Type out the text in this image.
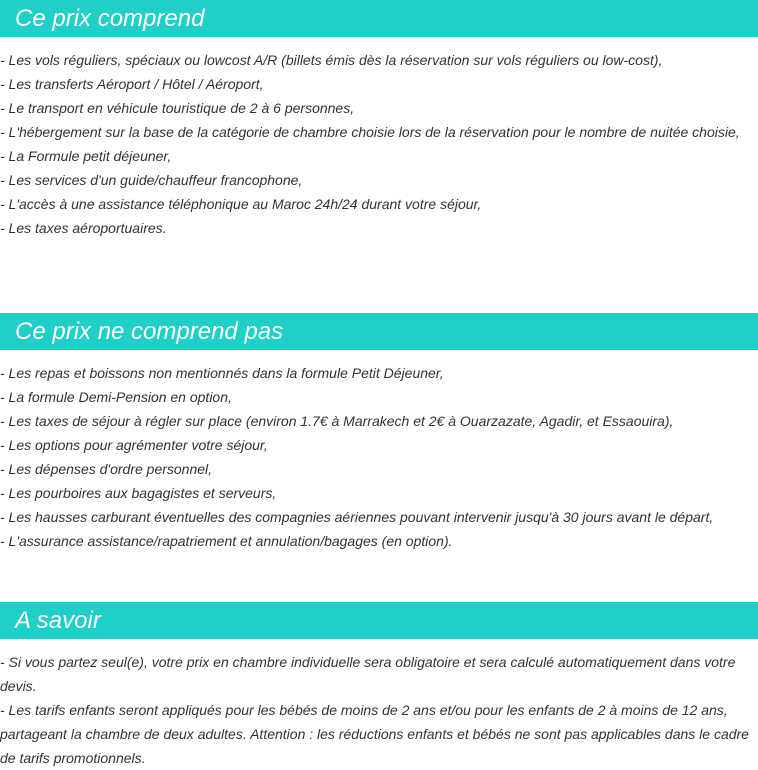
Ce prix comprend
- Les vols réguliers, spéciaux ou lowcost A/R (billets émis dès la réservation sur vols réguliers ou low-cost),
- Les transferts Aéroport / Hôtel / Aéroport,
- Le transport en véhicule touristique de 2 à 6 personnes,
- L'hébergement sur la base de la catégorie de chambre choisie lors de la réservation pour le nombre de nuitée choisie,
- La Formule petit déjeuner,
- Les services d'un guide/chauffeur francophone,
- L'accès à une assistance téléphonique au Maroc 24h/24 durant votre séjour,
- Les taxes aéroportuaires.
Ce prix ne comprend pas
- Les repas et boissons non mentionnés dans la formule Petit Déjeuner,
- La formule Demi-Pension en option,
- Les taxes de séjour à régler sur place (environ 1.7€ à Marrakech et 2€ à Ouarzazate, Agadir, et Essaouira),
- Les options pour agrémenter votre séjour,
- Les dépenses d'ordre personnel,
- Les pourboires aux bagagistes et serveurs,
- Les hausses carburant éventuelles des compagnies aériennes pouvant intervenir jusqu'à 30 jours avant le départ,
- L'assurance assistance/rapatriement et annulation/bagages (en option).
A savoir
- Si vous partez seul(e), votre prix en chambre individuelle sera obligatoire et sera calculé automatiquement dans votre devis.
- Les tarifs enfants seront appliqués pour les bébés de moins de 2 ans et/ou pour les enfants de 2 à moins de 12 ans, partageant la chambre de deux adultes. Attention : les réductions enfants et bébés ne sont pas applicables dans le cadre de tarifs promotionnels.
